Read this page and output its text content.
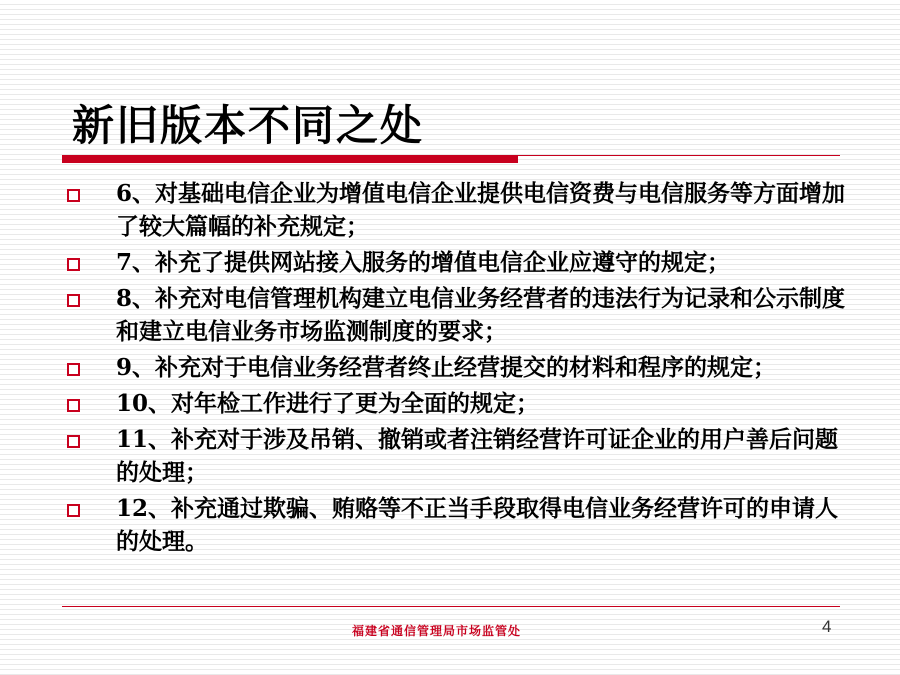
新旧版本不同之处
6、对基础电信企业为增值电信企业提供电信资费与电信服务等方面增加了较大篇幅的补充规定；
7、补充了提供网站接入服务的增值电信企业应遵守的规定；
8、补充对电信管理机构建立电信业务经营者的违法行为记录和公示制度和建立电信业务市场监测制度的要求；
9、补充对于电信业务经营者终止经营提交的材料和程序的规定；
10、对年检工作进行了更为全面的规定；
11、补充对于涉及吊销、撤销或者注销经营许可证企业的用户善后问题的处理；
12、补充通过欺骗、贿赂等不正当手段取得电信业务经营许可的申请人的处理。
福建省通信管理局市场监管处	4
